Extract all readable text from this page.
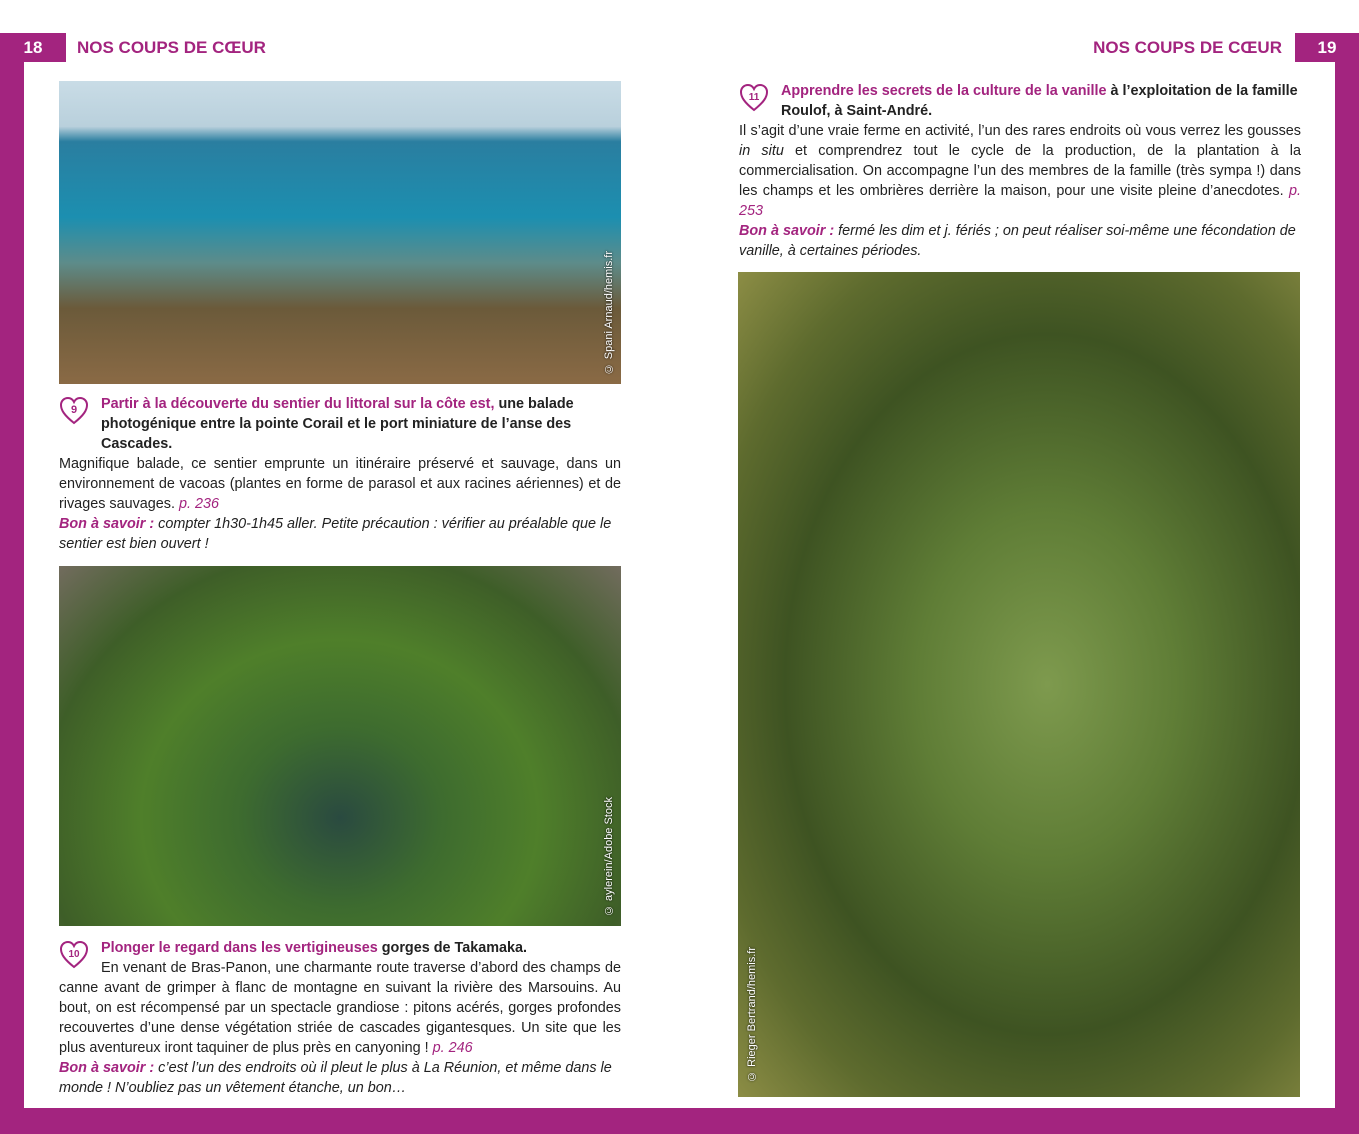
18	19
NOS COUPS DE CŒUR	NOS COUPS DE CŒUR
© Spani Arnaud/hemis.fr
© aylerein/Adobe Stock
© Rieger Bertrand/hemis.fr
9	Partir à la découverte du sentier du littoral sur la côte est, une balade photogénique entre la pointe Corail et le port miniature de l’anse des Cascades.

Magnifique balade, ce sentier emprunte un itinéraire préservé et sauvage, dans un environnement de vacoas (plantes en forme de parasol et aux racines aériennes) et de rivages sauvages. p. 236

Bon à savoir : compter 1h30-1h45 aller. Petite précaution : vérifier au préalable que le sentier est bien ouvert !

10	Plonger le regard dans les vertigineuses gorges de Takamaka.

En venant de Bras-Panon, une charmante route traverse d’abord des champs de canne avant de grimper à flanc de montagne en suivant la rivière des Marsouins. Au bout, on est récompensé par un spectacle grandiose : pitons acérés, gorges profondes recouvertes d’une dense végétation striée de cascades gigantesques. Un site que les plus aventureux iront taquiner de plus près en canyoning ! p. 246

Bon à savoir : c’est l’un des endroits où il pleut le plus à La Réunion, et même dans le monde ! N’oubliez pas un vêtement étanche, un bon…

11	Apprendre les secrets de la culture de la vanille à l’exploitation de la famille Roulof, à Saint-André.

Il s’agit d’une vraie ferme en activité, l’un des rares endroits où vous verrez les gousses in situ et comprendrez tout le cycle de la production, de la plantation à la commercialisation. On accompagne l’un des membres de la famille (très sympa !) dans les champs et les ombrières derrière la maison, pour une visite pleine d’anecdotes. p. 253

Bon à savoir : fermé les dim et j. fériés ; on peut réaliser soi-même une fécondation de vanille, à certaines périodes.
